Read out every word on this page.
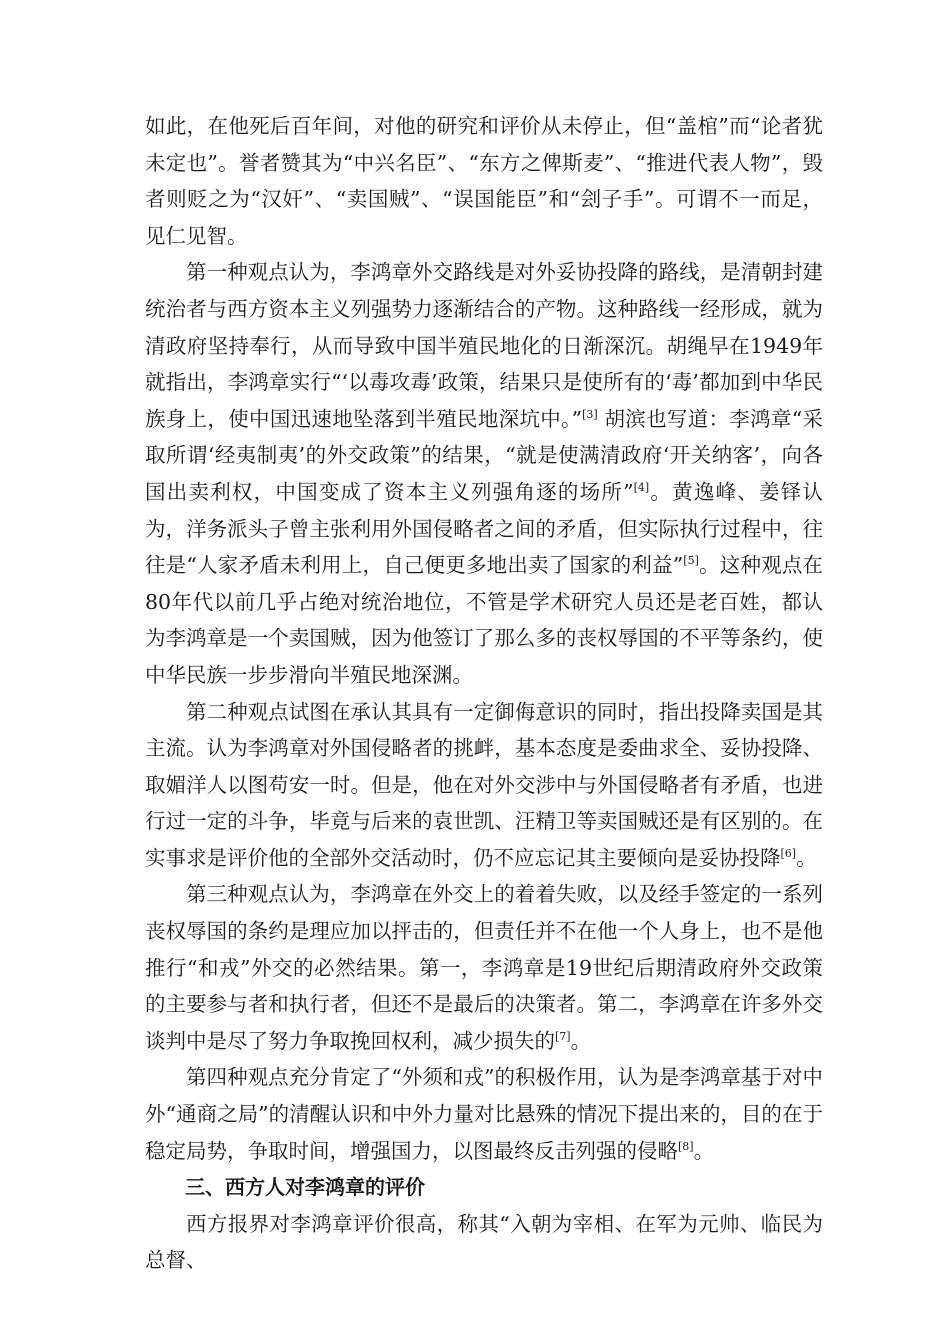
如此，在他死后百年间，对他的研究和评价从未停止，但“盖棺”而“论者犹未定也”。誉者赞其为“中兴名臣”、“东方之俾斯麦”、“推进代表人物”，毁者则贬之为“汉奸”、“卖国贼”、“误国能臣”和“刽子手”。可谓不一而足，见仁见智。

第一种观点认为，李鸿章外交路线是对外妥协投降的路线，是清朝封建统治者与西方资本主义列强势力逐渐结合的产物。这种路线一经形成，就为清政府坚持奉行，从而导致中国半殖民地化的日渐深沉。胡绳早在1949年就指出，李鸿章实行“‘以毒攻毒’政策，结果只是使所有的‘毒’都加到中华民族身上，使中国迅速地坠落到半殖民地深坑中。”[3] 胡滨也写道：李鸿章“采取所谓‘经夷制夷’的外交政策”的结果，“就是使满清政府‘开关纳客’，向各国出卖利权，中国变成了资本主义列强角逐的场所”[4]。黄逸峰、姜铎认为，洋务派头子曾主张利用外国侵略者之间的矛盾，但实际执行过程中，往往是“人家矛盾未利用上，自己便更多地出卖了国家的利益”[5]。这种观点在80年代以前几乎占绝对统治地位，不管是学术研究人员还是老百姓，都认为李鸿章是一个卖国贼，因为他签订了那么多的丧权辱国的不平等条约，使中华民族一步步滑向半殖民地深渊。

第二种观点试图在承认其具有一定御侮意识的同时，指出投降卖国是其主流。认为李鸿章对外国侵略者的挑衅，基本态度是委曲求全、妥协投降、取媚洋人以图苟安一时。但是，他在对外交涉中与外国侵略者有矛盾，也进行过一定的斗争，毕竟与后来的袁世凯、汪精卫等卖国贼还是有区别的。在实事求是评价他的全部外交活动时，仍不应忘记其主要倾向是妥协投降[6]。

第三种观点认为，李鸿章在外交上的着着失败，以及经手签定的一系列丧权辱国的条约是理应加以抨击的，但责任并不在他一个人身上，也不是他推行“和戎”外交的必然结果。第一，李鸿章是19世纪后期清政府外交政策的主要参与者和执行者，但还不是最后的决策者。第二，李鸿章在许多外交谈判中是尽了努力争取挽回权利，减少损失的[7]。

第四种观点充分肯定了“外须和戎”的积极作用，认为是李鸿章基于对中外“通商之局”的清醒认识和中外力量对比悬殊的情况下提出来的，目的在于稳定局势，争取时间，增强国力，以图最终反击列强的侵略[8]。

三、西方人对李鸿章的评价

西方报界对李鸿章评价很高，称其“入朝为宰相、在军为元帅、临民为总督、
